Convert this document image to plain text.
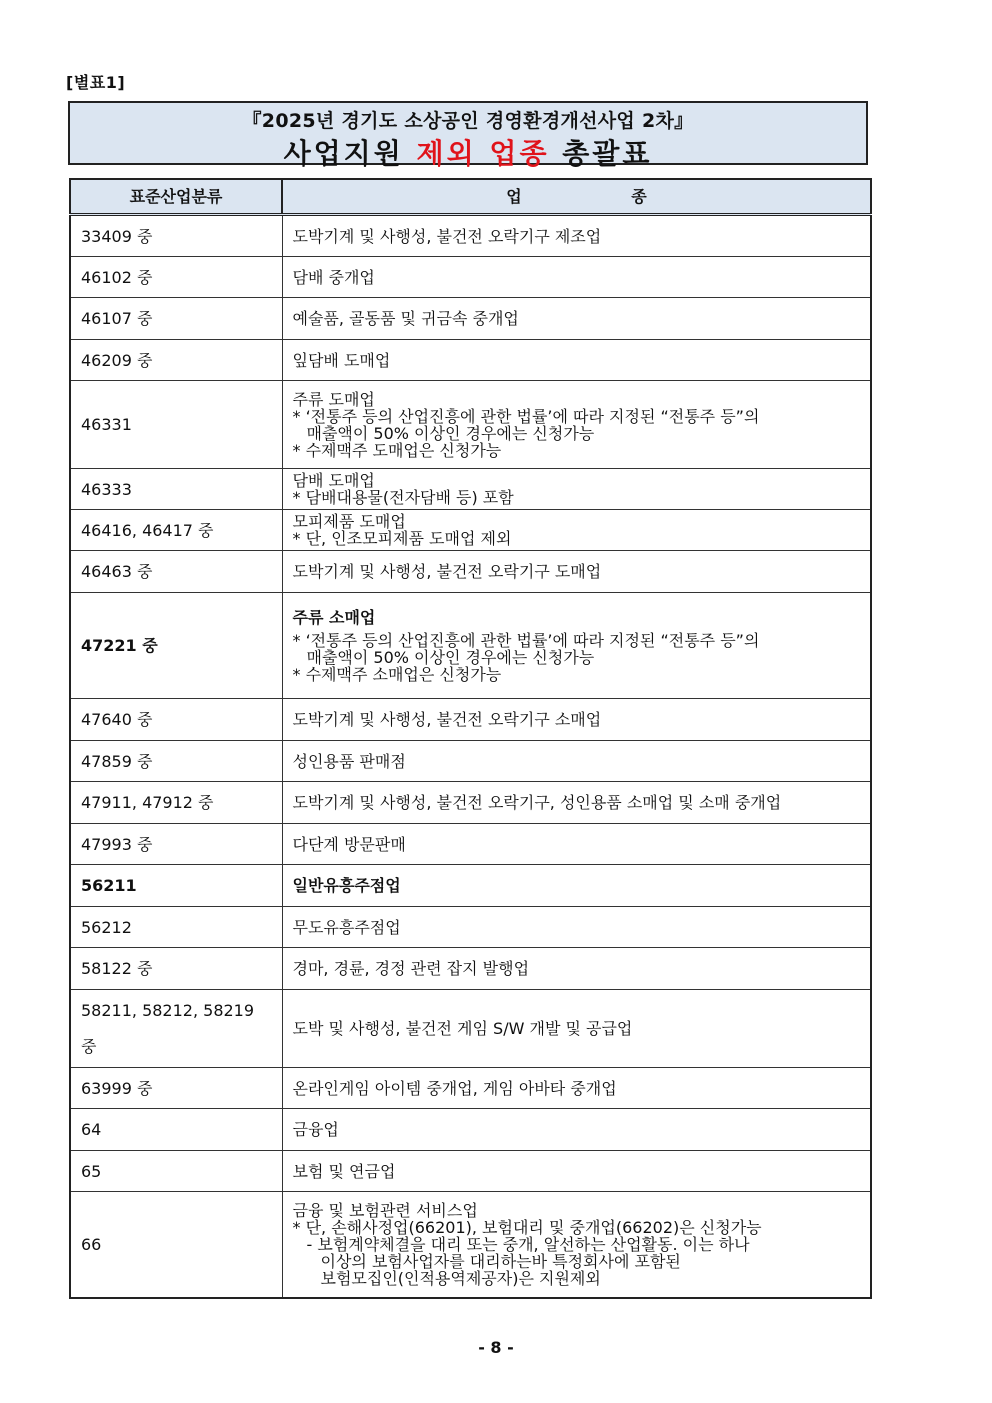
[별표1]
『2025년 경기도 소상공인 경영환경개선사업 2차』
사업지원 제외 업종 총괄표
표준산업분류	업 종
33409 중	도박기계 및 사행성, 불건전 오락기구 제조업
46102 중	담배 중개업
46107 중	예술품, 골동품 및 귀금속 중개업
46209 중	잎담배 도매업
46331	주류 도매업
* ‘전통주 등의 산업진흥에 관한 법률’에 따라 지정된 “전통주 등”의
매출액이 50% 이상인 경우에는 신청가능
* 수제맥주 도매업은 신청가능

46333	담배 도매업
* 담배대용물(전자담배 등) 포함

46416, 46417 중	모피제품 도매업
* 단, 인조모피제품 도매업 제외

46463 중	도박기계 및 사행성, 불건전 오락기구 도매업
47221 중	주류 소매업
* ‘전통주 등의 산업진흥에 관한 법률’에 따라 지정된 “전통주 등”의
매출액이 50% 이상인 경우에는 신청가능
* 수제맥주 소매업은 신청가능

47640 중	도박기계 및 사행성, 불건전 오락기구 소매업
47859 중	성인용품 판매점
47911, 47912 중	도박기계 및 사행성, 불건전 오락기구, 성인용품 소매업 및 소매 중개업
47993 중	다단계 방문판매
56211	일반유흥주점업
56212	무도유흥주점업
58122 중	경마, 경륜, 경정 관련 잡지 발행업

58211, 58212, 58219
중	도박 및 사행성, 불건전 게임 S/W 개발 및 공급업
63999 중	온라인게임 아이템 중개업, 게임 아바타 중개업
64	금융업
65	보험 및 연금업
66	금융 및 보험관련 서비스업
* 단, 손해사정업(66201), 보험대리 및 중개업(66202)은 신청가능
- 보험계약체결을 대리 또는 중개, 알선하는 산업활동. 이는 하나
이상의 보험사업자를 대리하는바 특정회사에 포함된
보험모집인(인적용역제공자)은 지원제외
- 8 -
